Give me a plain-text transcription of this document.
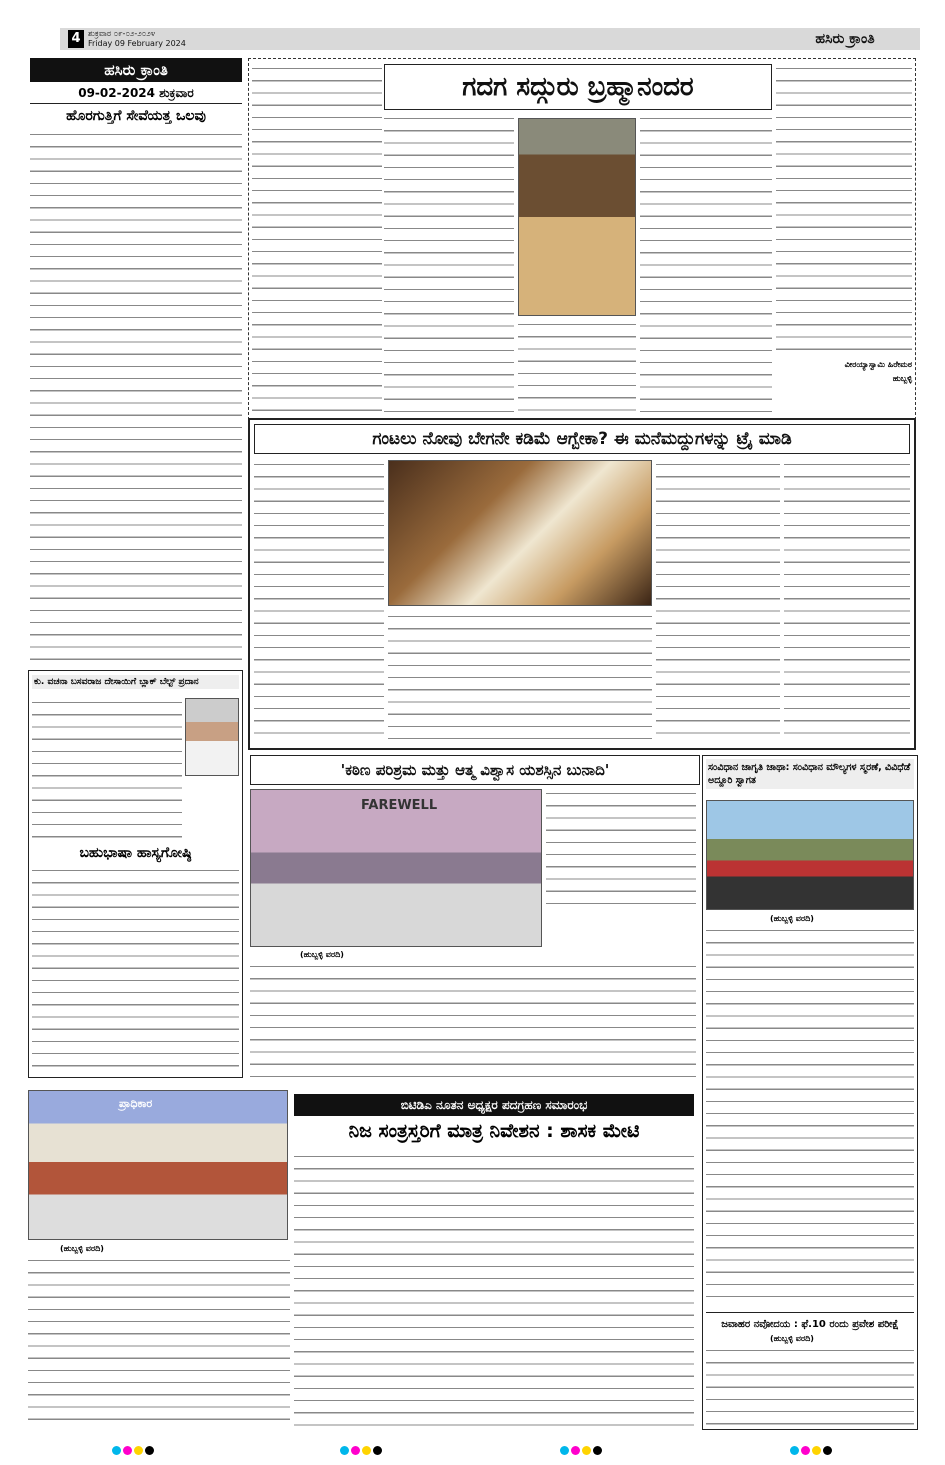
4 ಶುಕ್ರವಾರ ೦೯-೦೨-೨೦೨೪
Friday 09 February 2024	ಹಸಿರು ಕ್ರಾಂತಿ
ಹಸಿರು ಕ್ರಾಂತಿ
09-02-2024 ಶುಕ್ರವಾರ
ಹೊರಗುತ್ತಿಗೆ ಸೇವೆಯತ್ತ ಒಲವು
ಕು. ವಚನಾ ಬಸವರಾಜ ದೇಸಾಯಿಗೆ ಬ್ಲಾಕ್ ಬೆಲ್ಟ್ ಪ್ರದಾನ
ಬಹುಭಾಷಾ ಹಾಸ್ಯಗೋಷ್ಠಿ
ಗದಗ ಸದ್ಗುರು ಬ್ರಹ್ಮಾನಂದರ
ವೀರಯ್ಯಾಸ್ವಾಮಿ ಹಿರೇಮಠ
ಹುಬ್ಬಳ್ಳಿ
ಗಂಟಲು ನೋವು ಬೇಗನೇ ಕಡಿಮೆ ಆಗ್ಬೇಕಾ? ಈ ಮನೆಮದ್ದುಗಳನ್ನು ಟ್ರೈ ಮಾಡಿ
'ಕಠಿಣ ಪರಿಶ್ರಮ ಮತ್ತು ಆತ್ಮ ವಿಶ್ವಾಸ ಯಶಸ್ಸಿನ ಬುನಾದಿ'
FAREWELL
(ಹುಬ್ಬಳ್ಳಿ ವರದಿ)
ಸಂವಿಧಾನ ಜಾಗೃತಿ ಜಾಥಾ: ಸಂವಿಧಾನ ಮೌಲ್ಯಗಳ ಸ್ಮರಣೆ, ವಿವಿಧೆಡೆ ಅದ್ದೂರಿ ಸ್ವಾಗತ
(ಹುಬ್ಬಳ್ಳಿ ವರದಿ)
ಜವಾಹರ ನವೋದಯ : ಫೆ.10 ರಂದು ಪ್ರವೇಶ ಪರೀಕ್ಷೆ
(ಹುಬ್ಬಳ್ಳಿ ವರದಿ)
ಪ್ರಾಧಿಕಾರ	ಬಿಟಿಡಿಎ ನೂತನ ಅಧ್ಯಕ್ಷರ ಪದಗ್ರಹಣ ಸಮಾರಂಭ
ನಿಜ ಸಂತ್ರಸ್ತರಿಗೆ ಮಾತ್ರ ನಿವೇಶನ : ಶಾಸಕ ಮೇಟಿ
(ಹುಬ್ಬಳ್ಳಿ ವರದಿ)
